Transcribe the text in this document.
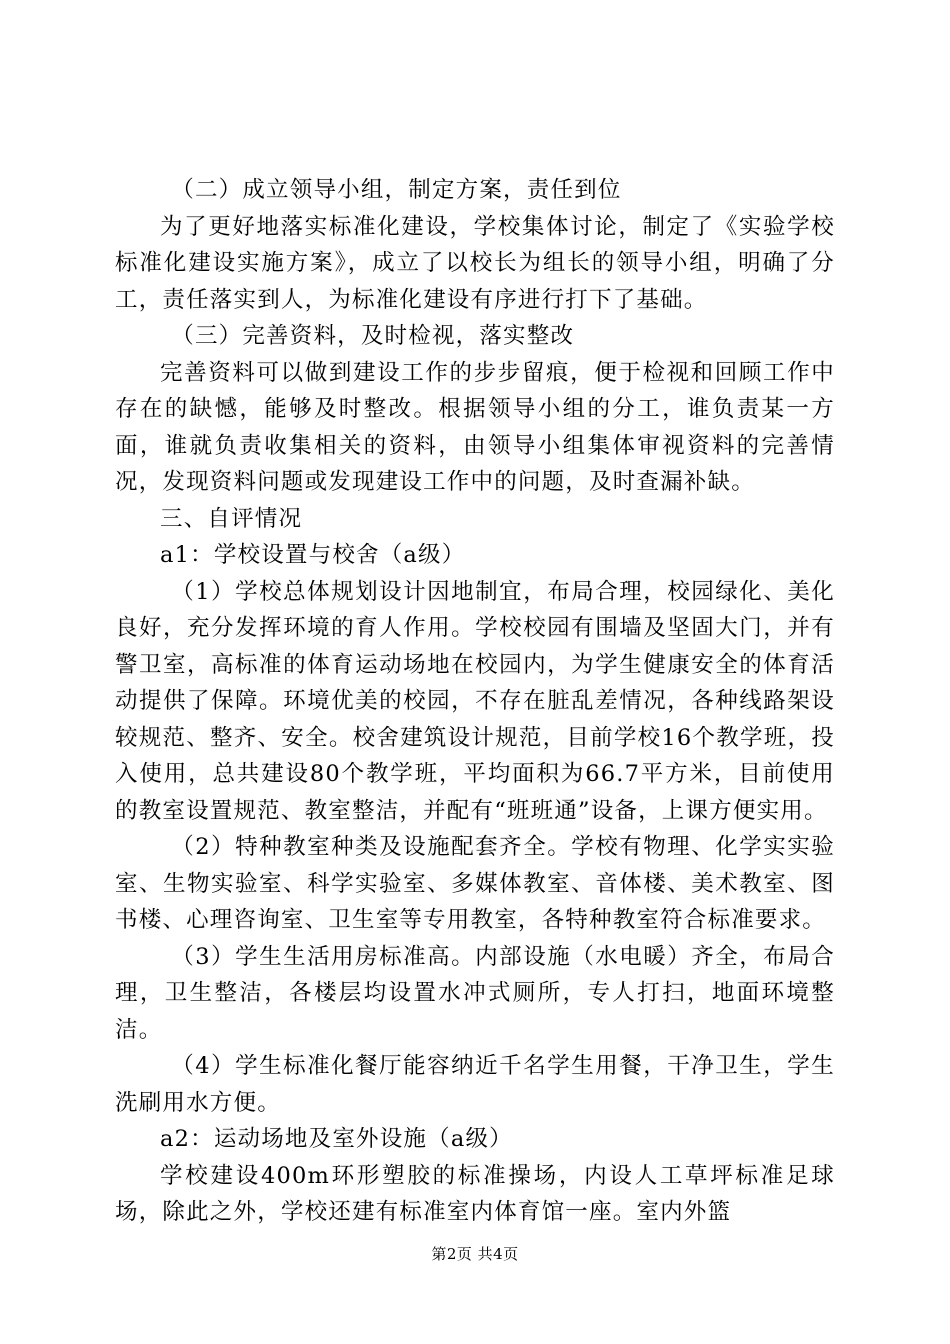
（二）成立领导小组，制定方案，责任到位

为了更好地落实标准化建设，学校集体讨论，制定了《实验学校标准化建设实施方案》，成立了以校长为组长的领导小组，明确了分工，责任落实到人，为标准化建设有序进行打下了基础。

（三）完善资料，及时检视，落实整改

完善资料可以做到建设工作的步步留痕，便于检视和回顾工作中存在的缺憾，能够及时整改。根据领导小组的分工，谁负责某一方面，谁就负责收集相关的资料，由领导小组集体审视资料的完善情况，发现资料问题或发现建设工作中的问题，及时查漏补缺。

三、自评情况

a1：学校设置与校舍（a级）

（1）学校总体规划设计因地制宜，布局合理，校园绿化、美化良好，充分发挥环境的育人作用。学校校园有围墙及坚固大门，并有警卫室，高标准的体育运动场地在校园内，为学生健康安全的体育活动提供了保障。环境优美的校园，不存在脏乱差情况，各种线路架设较规范、整齐、安全。校舍建筑设计规范，目前学校16个教学班，投入使用，总共建设80个教学班，平均面积为66.7平方米，目前使用的教室设置规范、教室整洁，并配有“班班通”设备，上课方便实用。

（2）特种教室种类及设施配套齐全。学校有物理、化学实实验室、生物实验室、科学实验室、多媒体教室、音体楼、美术教室、图书楼、心理咨询室、卫生室等专用教室，各特种教室符合标准要求。

（3）学生生活用房标准高。内部设施（水电暖）齐全，布局合理，卫生整洁，各楼层均设置水冲式厕所，专人打扫，地面环境整洁。

（4）学生标准化餐厅能容纳近千名学生用餐，干净卫生，学生洗刷用水方便。

a2：运动场地及室外设施（a级）

学校建设400m环形塑胶的标准操场，内设人工草坪标准足球场，除此之外，学校还建有标准室内体育馆一座。室内外篮

第2页 共4页
